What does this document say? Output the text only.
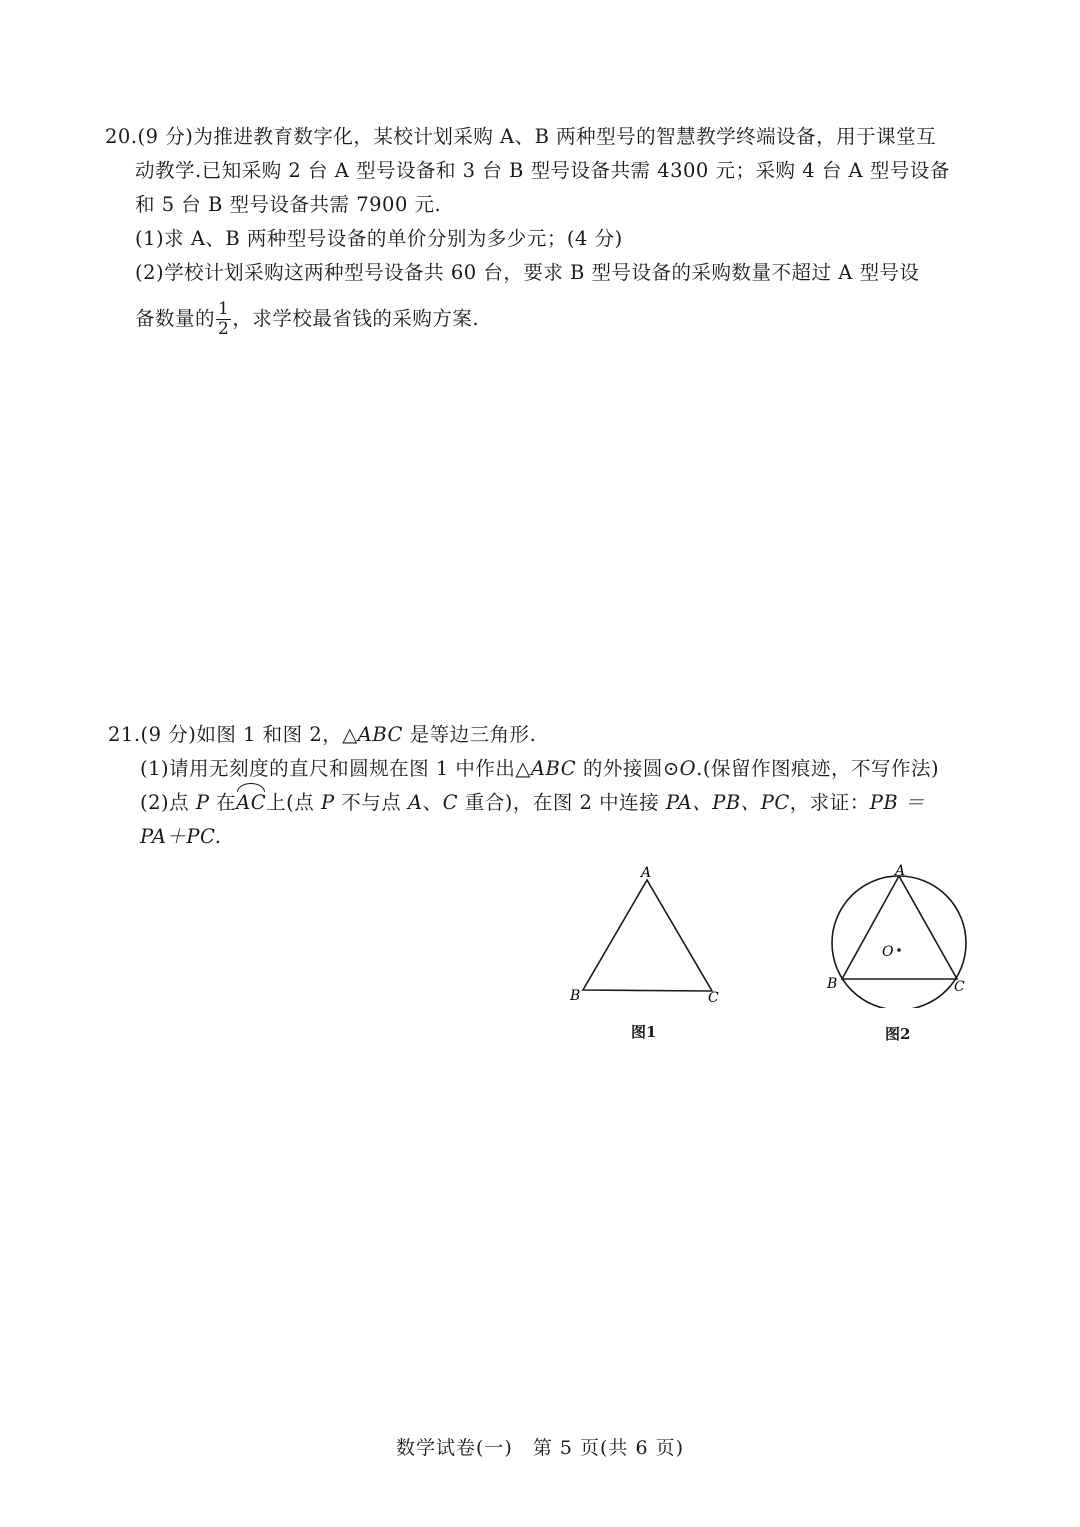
20.(9 分)为推进教育数字化，某校计划采购 A、B 两种型号的智慧教学终端设备，用于课堂互

动教学.已知采购 2 台 A 型号设备和 3 台 B 型号设备共需 4300 元；采购 4 台 A 型号设备

和 5 台 B 型号设备共需 7900 元.

(1)求 A、B 两种型号设备的单价分别为多少元；(4 分)

(2)学校计划采购这两种型号设备共 60 台，要求 B 型号设备的采购数量不超过 A 型号设

备数量的 $\frac{1}{2}$ ，求学校最省钱的采购方案.

21.(9 分)如图 1 和图 2，△ABC 是等边三角形.

(1)请用无刻度的直尺和圆规在图 1 中作出△ABC 的外接圆⊙O.(保留作图痕迹，不写作法)

(2)点 P 在AC上(点 P 不与点 A、C 重合)，在图 2 中连接 PA、PB、PC，求证：PB ＝

PA＋PC.

A
B	C
图1
A
B	C
O
图2
数学试卷(一)　第 5 页(共 6 页)
